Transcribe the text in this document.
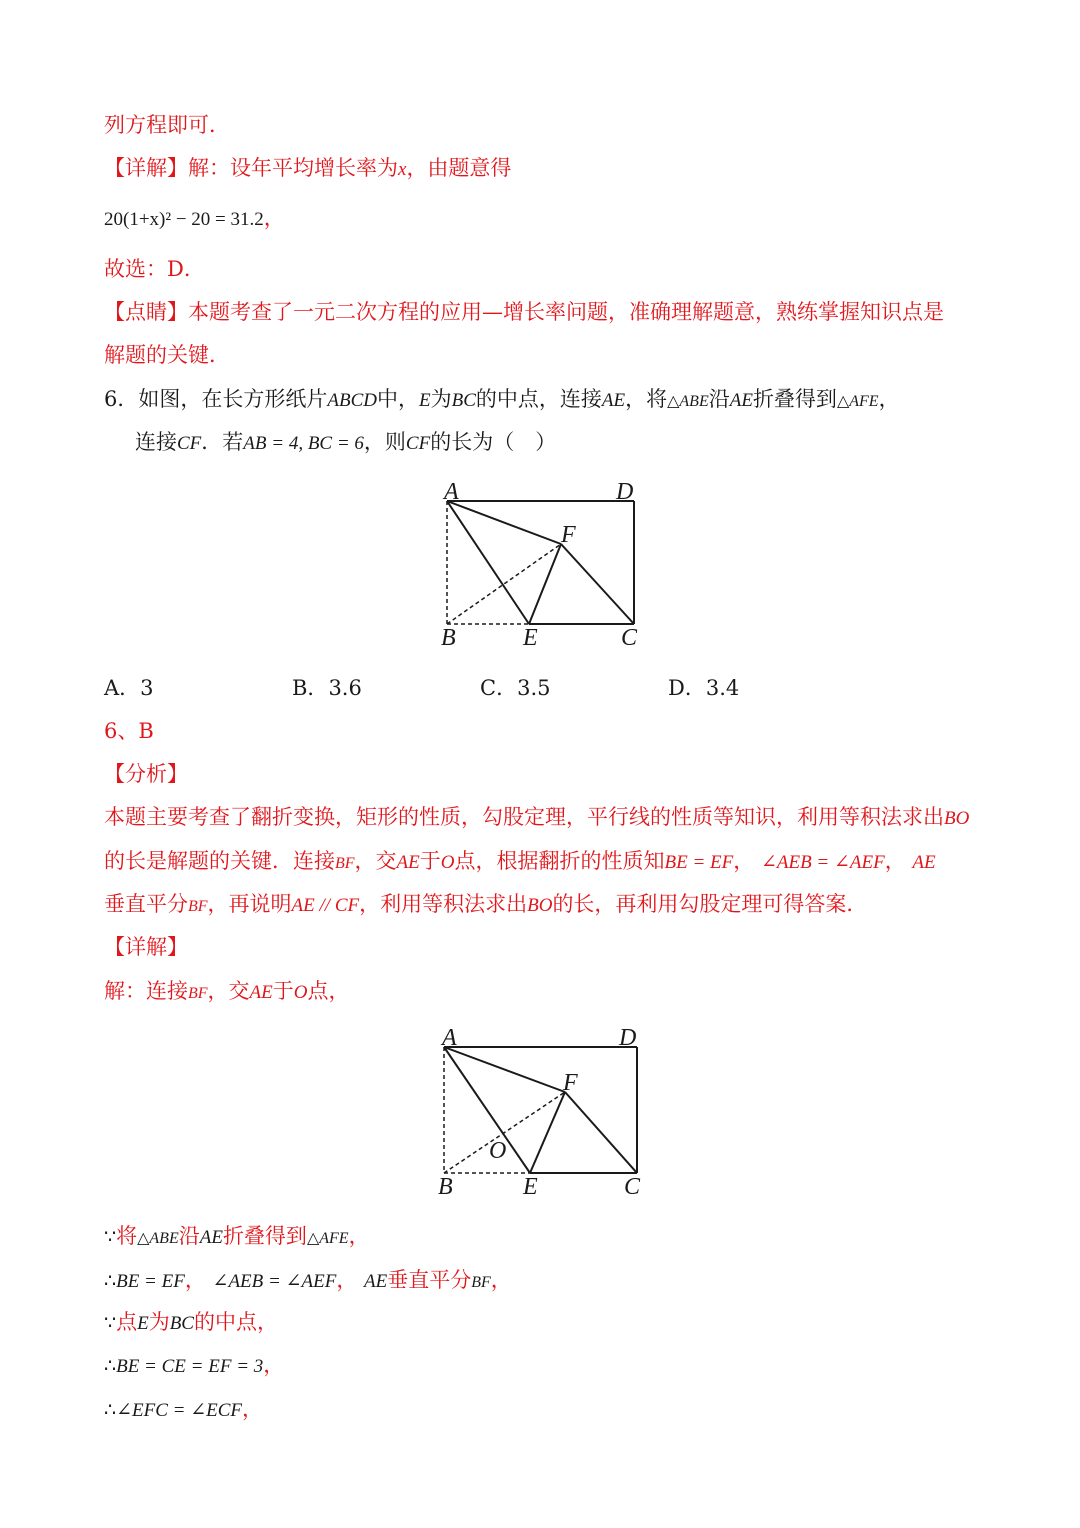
列方程即可．
【详解】解：设年平均增长率为x，由题意得
20(1+x)² − 20 = 31.2，
故选：D．
【点睛】本题考查了一元二次方程的应用—增长率问题，准确理解题意，熟练掌握知识点是
解题的关键．
6．如图，在长方形纸片ABCD中，E为BC的中点，连接AE，将△ABE沿AE折叠得到△AFE，
连接CF．若AB = 4, BC = 6，则CF的长为（　）
A	D
F
B	E	C
A．3	B．3.6	C．3.5	D．3.4
6、B
【分析】
本题主要考查了翻折变换，矩形的性质，勾股定理，平行线的性质等知识，利用等积法求出BO
的长是解题的关键．连接BF，交AE于O点，根据翻折的性质知BE = EF， ∠AEB = ∠AEF， AE
垂直平分BF，再说明AE // CF，利用等积法求出BO的长，再利用勾股定理可得答案．
【详解】
解：连接BF，交AE于O点，
A	D
F
O
B	E	C
∵将△ABE沿AE折叠得到△AFE，
∴BE = EF， ∠AEB = ∠AEF， AE垂直平分BF，
∵点E为BC的中点，
∴BE = CE = EF = 3，
∴∠EFC = ∠ECF，
